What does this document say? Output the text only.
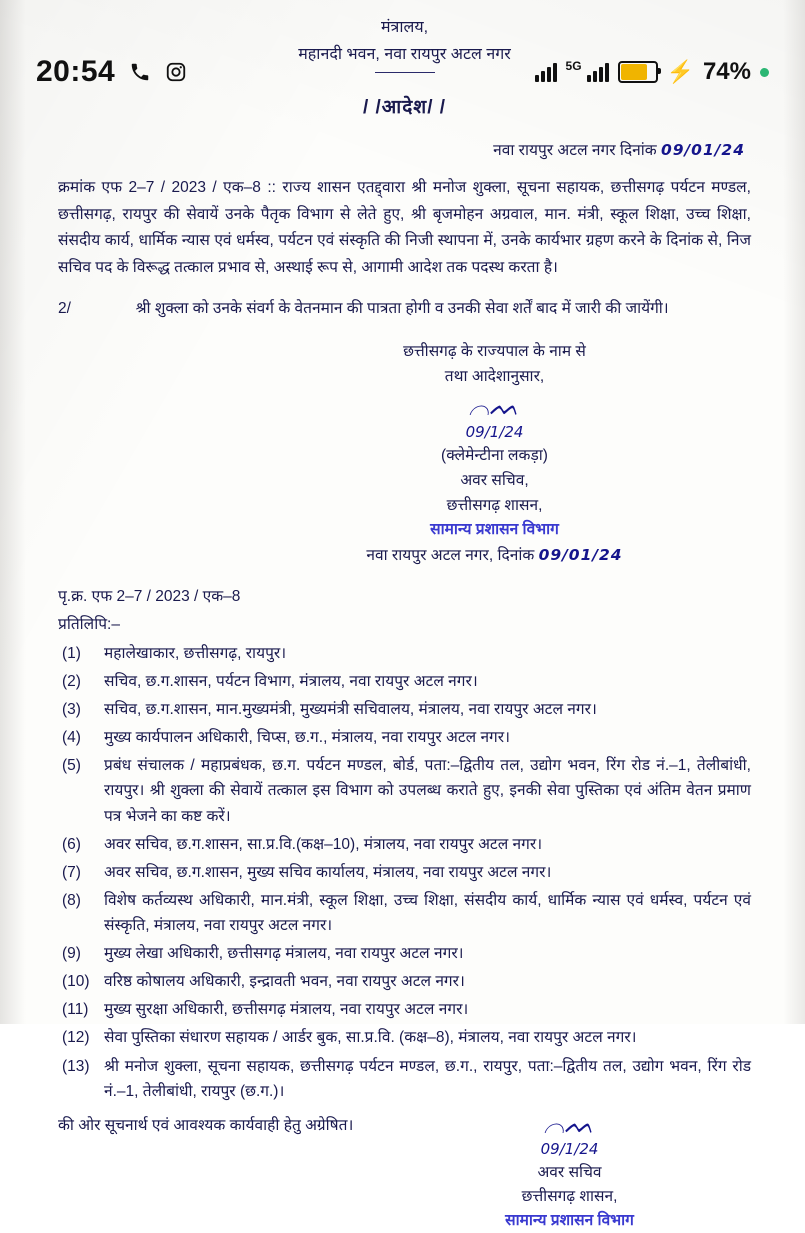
20:54	5G	⚡ 74%
मंत्रालय,
महानदी भवन, नवा रायपुर अटल नगर
/ /आदेश/ /
नवा रायपुर अटल नगर दिनांक 09/01/24
क्रमांक एफ 2–7 / 2023 / एक–8 :: राज्य शासन एतद्द्वारा श्री मनोज शुक्ला, सूचना सहायक, छत्तीसगढ़ पर्यटन मण्डल, छत्तीसगढ़, रायपुर की सेवायें उनके पैतृक विभाग से लेते हुए, श्री बृजमोहन अग्रवाल, मान. मंत्री, स्कूल शिक्षा, उच्च शिक्षा, संसदीय कार्य, धार्मिक न्यास एवं धर्मस्व, पर्यटन एवं संस्कृति की निजी स्थापना में, उनके कार्यभार ग्रहण करने के दिनांक से, निज सचिव पद के विरूद्ध तत्काल प्रभाव से, अस्थाई रूप से, आगामी आदेश तक पदस्थ करता है।
2/	श्री शुक्ला को उनके संवर्ग के वेतनमान की पात्रता होगी व उनकी सेवा शर्तें बाद में जारी की जायेंगी।
छत्तीसगढ़ के राज्यपाल के नाम से
तथा आदेशानुसार,
⌒ᨓ
09/1/24
(क्लेमेन्टीना लकड़ा)
अवर सचिव,
छत्तीसगढ़ शासन,
सामान्य प्रशासन विभाग
नवा रायपुर अटल नगर, दिनांक 09/01/24
पृ.क्र. एफ 2–7 / 2023 / एक–8
प्रतिलिपि:–
(1)	महालेखाकार, छत्तीसगढ़, रायपुर।
(2)	सचिव, छ.ग.शासन, पर्यटन विभाग, मंत्रालय, नवा रायपुर अटल नगर।
(3)	सचिव, छ.ग.शासन, मान.मुख्यमंत्री, मुख्यमंत्री सचिवालय, मंत्रालय, नवा रायपुर अटल नगर।
(4)	मुख्य कार्यपालन अधिकारी, चिप्स, छ.ग., मंत्रालय, नवा रायपुर अटल नगर।
(5)	प्रबंध संचालक / महाप्रबंधक, छ.ग. पर्यटन मण्डल, बोर्ड, पता:–द्वितीय तल, उद्योग भवन, रिंग रोड नं.–1, तेलीबांधी, रायपुर। श्री शुक्ला की सेवायें तत्काल इस विभाग को उपलब्ध कराते हुए, इनकी सेवा पुस्तिका एवं अंतिम वेतन प्रमाण पत्र भेजने का कष्ट करें।
(6)	अवर सचिव, छ.ग.शासन, सा.प्र.वि.(कक्ष–10), मंत्रालय, नवा रायपुर अटल नगर।
(7)	अवर सचिव, छ.ग.शासन, मुख्य सचिव कार्यालय, मंत्रालय, नवा रायपुर अटल नगर।
(8)	विशेष कर्तव्यस्थ अधिकारी, मान.मंत्री, स्कूल शिक्षा, उच्च शिक्षा, संसदीय कार्य, धार्मिक न्यास एवं धर्मस्व, पर्यटन एवं संस्कृति, मंत्रालय, नवा रायपुर अटल नगर।
(9)	मुख्य लेखा अधिकारी, छत्तीसगढ़ मंत्रालय, नवा रायपुर अटल नगर।
(10) वरिष्ठ कोषालय अधिकारी, इन्द्रावती भवन, नवा रायपुर अटल नगर।
(11)	मुख्य सुरक्षा अधिकारी, छत्तीसगढ़ मंत्रालय, नवा रायपुर अटल नगर।
(12) सेवा पुस्तिका संधारण सहायक / आर्डर बुक, सा.प्र.वि. (कक्ष–8), मंत्रालय, नवा रायपुर अटल नगर।
(13) श्री मनोज शुक्ला, सूचना सहायक, छत्तीसगढ़ पर्यटन मण्डल, छ.ग., रायपुर, पता:–द्वितीय तल, उद्योग भवन, रिंग रोड नं.–1, तेलीबांधी, रायपुर (छ.ग.)।
की ओर सूचनार्थ एवं आवश्यक कार्यवाही हेतु अग्रेषित।	⌒ᨓ
09/1/24
अवर सचिव
छत्तीसगढ़ शासन,
सामान्य प्रशासन विभाग
